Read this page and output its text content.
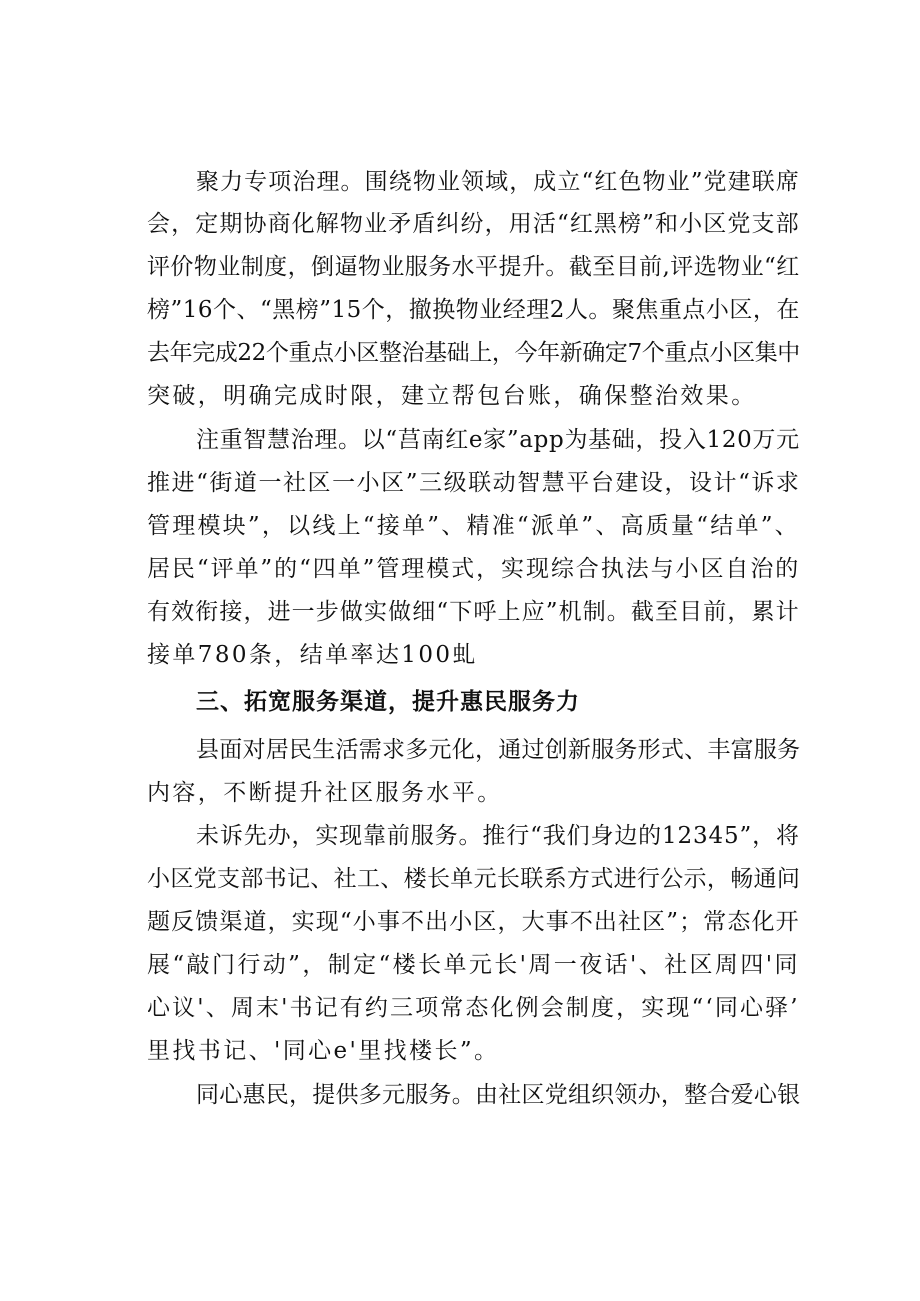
聚力专项治理。围绕物业领域，成立“红色物业”党建联席
会，定期协商化解物业矛盾纠纷，用活“红黑榜”和小区党支部
评价物业制度，倒逼物业服务水平提升。截至目前,评选物业“红
榜”16个、“黑榜”15个，撤换物业经理2人。聚焦重点小区，在
去年完成22个重点小区整治基础上，今年新确定7个重点小区集中
突破，明确完成时限，建立帮包台账，确保整治效果。
注重智慧治理。以“莒南红e家”app为基础，投入120万元
推进“街道一社区一小区”三级联动智慧平台建设，设计“诉求
管理模块”，以线上“接单”、精准“派单”、高质量“结单”、
居民“评单”的“四单”管理模式，实现综合执法与小区自治的
有效衔接，进一步做实做细“下呼上应”机制。截至目前，累计
接单780条，结单率达100虬
三、拓宽服务渠道，提升惠民服务力
县面对居民生活需求多元化，通过创新服务形式、丰富服务
内容，不断提升社区服务水平。
未诉先办，实现靠前服务。推行“我们身边的12345”，将
小区党支部书记、社工、楼长单元长联系方式进行公示，畅通问
题反馈渠道，实现“小事不出小区，大事不出社区”；常态化开
展“敲门行动”，制定“楼长单元长'周一夜话'、社区周四'同
心议'、周末'书记有约三项常态化例会制度，实现“‘同心驿’
里找书记、'同心e'里找楼长”。
同心惠民，提供多元服务。由社区党组织领办，整合爱心银
